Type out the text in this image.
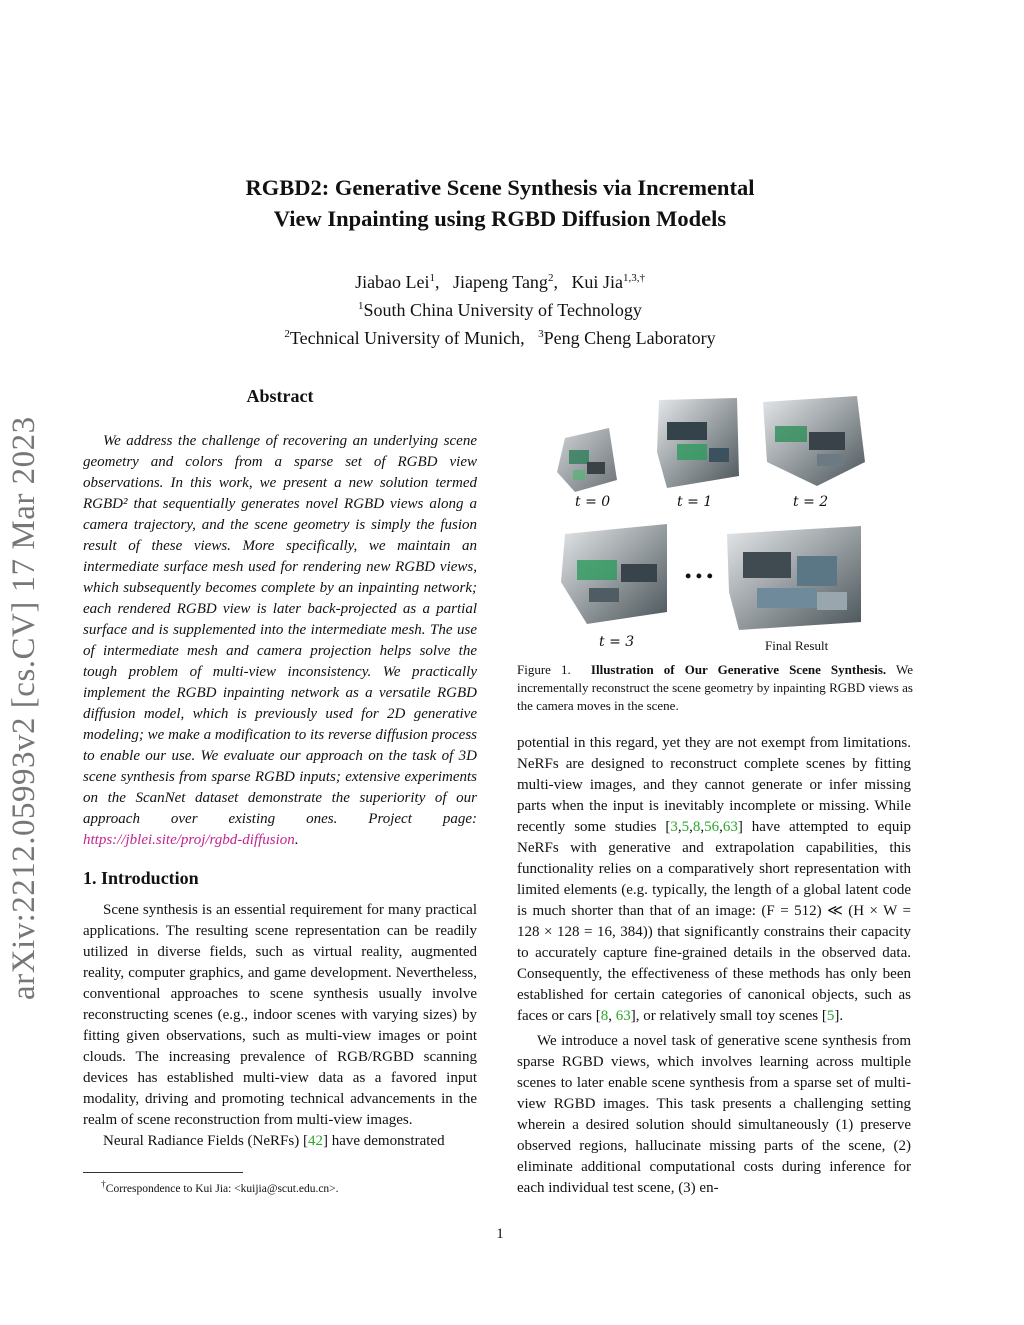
arXiv:2212.05993v2 [cs.CV] 17 Mar 2023
RGBD2: Generative Scene Synthesis via Incremental
View Inpainting using RGBD Diffusion Models
Jiabao Lei$^1$,   Jiapeng Tang$^2$,   Kui Jia$^{1,3,\dagger}$
$^1$South China University of Technology
$^2$Technical University of Munich, $^3$Peng Cheng Laboratory
Abstract
We address the challenge of recovering an underlying scene geometry and colors from a sparse set of RGBD view observations. In this work, we present a new solution termed RGBD² that sequentially generates novel RGBD views along a camera trajectory, and the scene geometry is simply the fusion result of these views. More specifically, we maintain an intermediate surface mesh used for rendering new RGBD views, which subsequently becomes complete by an inpainting network; each rendered RGBD view is later back-projected as a partial surface and is supplemented into the intermediate mesh. The use of intermediate mesh and camera projection helps solve the tough problem of multi-view inconsistency. We practically implement the RGBD inpainting network as a versatile RGBD diffusion model, which is previously used for 2D generative modeling; we make a modification to its reverse diffusion process to enable our use. We evaluate our approach on the task of 3D scene synthesis from sparse RGBD inputs; extensive experiments on the ScanNet dataset demonstrate the superiority of our approach over existing ones. Project page: https://jblei.site/proj/rgbd-diffusion.
1. Introduction

Scene synthesis is an essential requirement for many practical applications. The resulting scene representation can be readily utilized in diverse fields, such as virtual reality, augmented reality, computer graphics, and game development. Nevertheless, conventional approaches to scene synthesis usually involve reconstructing scenes (e.g., indoor scenes with varying sizes) by fitting given observations, such as multi-view images or point clouds. The increasing prevalence of RGB/RGBD scanning devices has established multi-view data as a favored input modality, driving and promoting technical advancements in the realm of scene reconstruction from multi-view images.

Neural Radiance Fields (NeRFs) [42] have demonstrated

†Correspondence to Kui Jia: <kuijia@scut.edu.cn>.
t = 0	t = 1	t = 2
• • •
t = 3	Final Result
Figure 1. Illustration of Our Generative Scene Synthesis. We incrementally reconstruct the scene geometry by inpainting RGBD views as the camera moves in the scene.

potential in this regard, yet they are not exempt from limitations. NeRFs are designed to reconstruct complete scenes by fitting multi-view images, and they cannot generate or infer missing parts when the input is inevitably incomplete or missing. While recently some studies [3,5,8,56,63] have attempted to equip NeRFs with generative and extrapolation capabilities, this functionality relies on a comparatively short representation with limited elements (e.g. typically, the length of a global latent code is much shorter than that of an image: (F = 512) ≪ (H × W = 128 × 128 = 16, 384)) that significantly constrains their capacity to accurately capture fine-grained details in the observed data. Consequently, the effectiveness of these methods has only been established for certain categories of canonical objects, such as faces or cars [8, 63], or relatively small toy scenes [5].

We introduce a novel task of generative scene synthesis from sparse RGBD views, which involves learning across multiple scenes to later enable scene synthesis from a sparse set of multi-view RGBD images. This task presents a challenging setting wherein a desired solution should simultaneously (1) preserve observed regions, hallucinate missing parts of the scene, (2) eliminate additional computational costs during inference for each individual test scene, (3) en-

1
